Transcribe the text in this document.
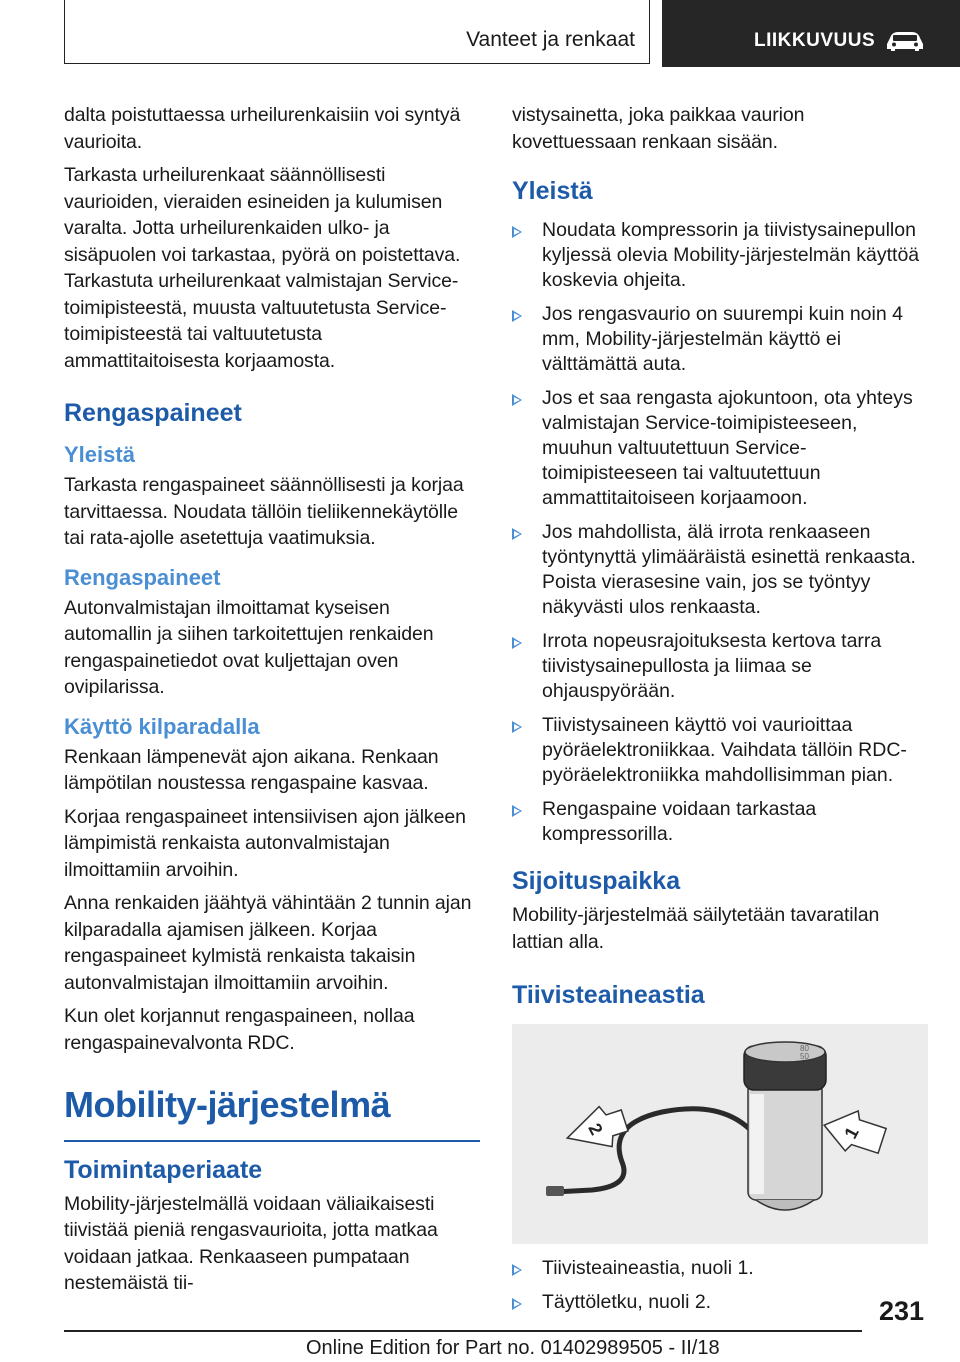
Vanteet ja renkaat	LIIKKUVUUS

dalta poistuttaessa urheilurenkaisiin voi syntyä vaurioita.

Tarkasta urheilurenkaat säännöllisesti vaurioiden, vieraiden esineiden ja kulumisen varalta. Jotta urheilurenkaiden ulko- ja sisäpuolen voi tarkastaa, pyörä on poistettava. Tarkastuta urheilurenkaat valmistajan Service-toimipisteestä, muusta valtuutetusta Service-toimipisteestä tai valtuutetusta ammattitaitoisesta korjaamosta.

Rengaspaineet
Yleistä

Tarkasta rengaspaineet säännöllisesti ja korjaa tarvittaessa. Noudata tällöin tieliikennekäytölle tai rata-ajolle asetettuja vaatimuksia.

Rengaspaineet

Autonvalmistajan ilmoittamat kyseisen automallin ja siihen tarkoitettujen renkaiden rengaspainetiedot ovat kuljettajan oven ovipilarissa.

Käyttö kilparadalla

Renkaan lämpenevät ajon aikana. Renkaan lämpötilan noustessa rengaspaine kasvaa.

Korjaa rengaspaineet intensiivisen ajon jälkeen lämpimistä renkaista autonvalmistajan ilmoittamiin arvoihin.

Anna renkaiden jäähtyä vähintään 2 tunnin ajan kilparadalla ajamisen jälkeen. Korjaa rengaspaineet kylmistä renkaista takaisin autonvalmistajan ilmoittamiin arvoihin.

Kun olet korjannut rengaspaineen, nollaa rengaspainevalvonta RDC.

Mobility-järjestelmä
Toimintaperiaate

Mobility-järjestelmällä voidaan väliaikaisesti tiivistää pieniä rengasvaurioita, jotta matkaa voidaan jatkaa. Renkaaseen pumpataan nestemäistä tii-

vistysainetta, joka paikkaa vaurion kovettuessaan renkaan sisään.

Yleistä
Noudata kompressorin ja tiivistysainepullon kyljessä olevia Mobility-järjestelmän käyttöä koskevia ohjeita.
Jos rengasvaurio on suurempi kuin noin 4 mm, Mobility-järjestelmän käyttö ei välttämättä auta.
Jos et saa rengasta ajokuntoon, ota yhteys valmistajan Service-toimipisteeseen, muuhun valtuutettuun Service-toimipisteeseen tai valtuutettuun ammattitaitoiseen korjaamoon.
Jos mahdollista, älä irrota renkaaseen työntynyttä ylimääräistä esinettä renkaasta. Poista vierasesine vain, jos se työntyy näkyvästi ulos renkaasta.
Irrota nopeusrajoituksesta kertova tarra tiivistysainepullosta ja liimaa se ohjauspyörään.
Tiivistysaineen käyttö voi vaurioittaa pyöräelektroniikkaa. Vaihdata tällöin RDC-pyöräelektroniikka mahdollisimman pian.
Rengaspaine voidaan tarkastaa kompressorilla.
Sijoituspaikka

Mobility-järjestelmää säilytetään tavaratilan lattian alla.

Tiivisteaineastia
80
50
2	1
Tiivisteaineastia, nuoli 1.
Täyttöletku, nuoli 2.	231
Online Edition for Part no. 01402989505 - II/18
